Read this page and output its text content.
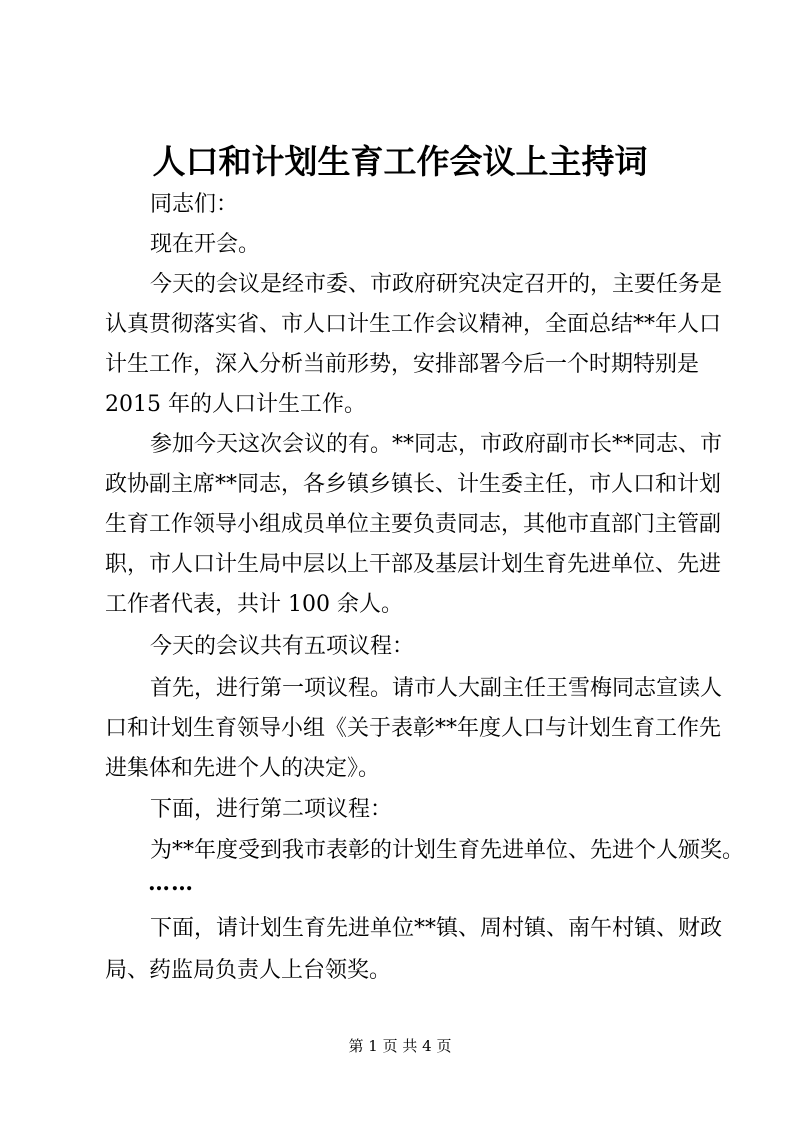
人口和计划生育工作会议上主持词
同志们：
现在开会。
今天的会议是经市委、市政府研究决定召开的，主要任务是
认真贯彻落实省、市人口计生工作会议精神，全面总结**年人口
计生工作，深入分析当前形势，安排部署今后一个时期特别是
2015 年的人口计生工作。
参加今天这次会议的有。**同志，市政府副市长**同志、市
政协副主席**同志，各乡镇乡镇长、计生委主任，市人口和计划
生育工作领导小组成员单位主要负责同志，其他市直部门主管副
职，市人口计生局中层以上干部及基层计划生育先进单位、先进
工作者代表，共计 100 余人。
今天的会议共有五项议程：
首先，进行第一项议程。请市人大副主任王雪梅同志宣读人
口和计划生育领导小组《关于表彰**年度人口与计划生育工作先
进集体和先进个人的决定》。
下面，进行第二项议程：
为**年度受到我市表彰的计划生育先进单位、先进个人颁奖。
……
下面，请计划生育先进单位**镇、周村镇、南午村镇、财政
局、药监局负责人上台领奖。
第 1 页 共 4 页
